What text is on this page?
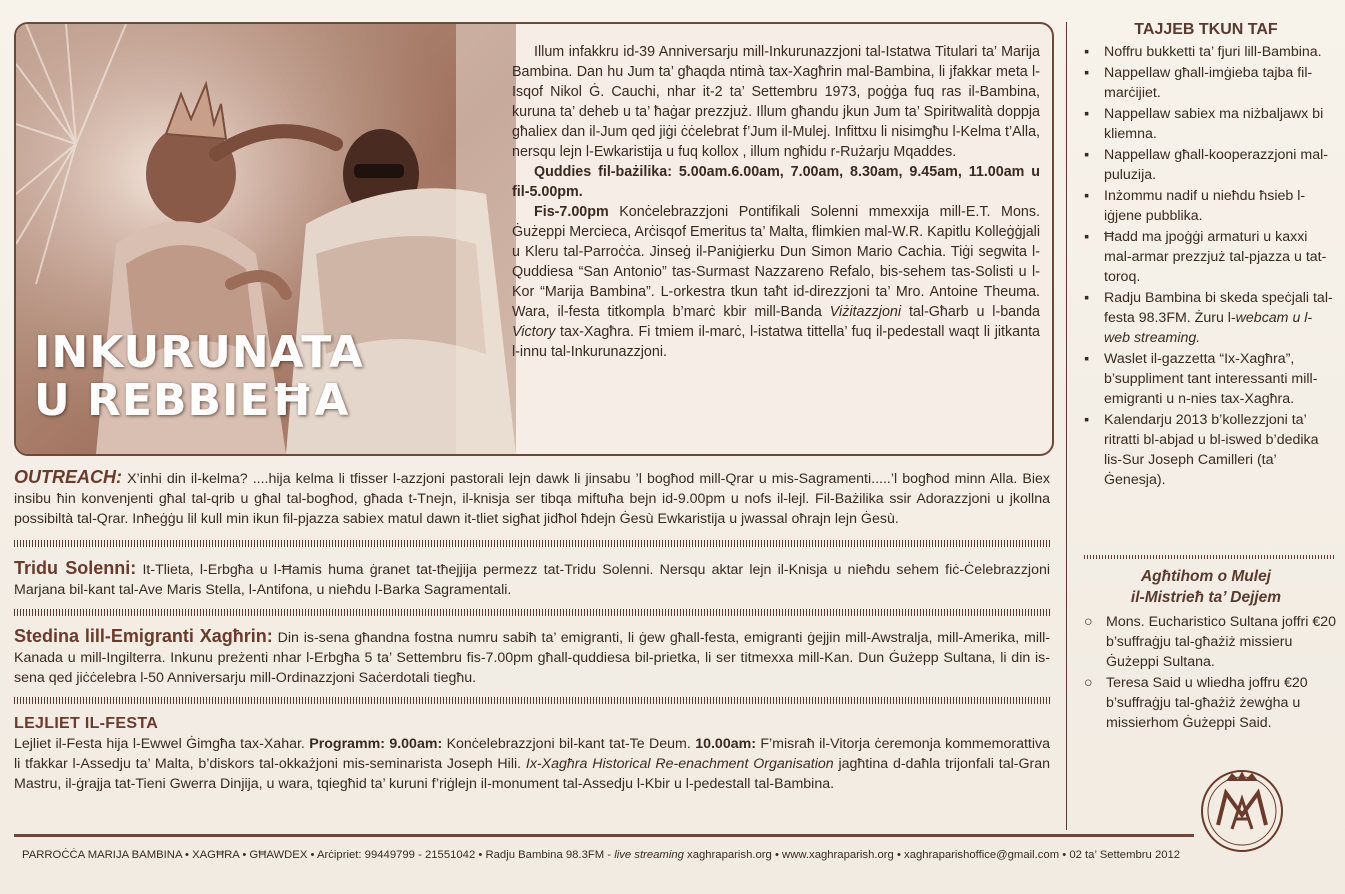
INKURUNATA
U REBBIEĦA

Illum infakkru id-39 Anniversarju mill-Inkurunazzjoni tal-Istatwa Titulari ta’ Marija Bambina. Dan hu Jum ta’ għaqda ntimà tax-Xagħrin mal-Bambina, li jfakkar meta l-Isqof Nikol Ġ. Cauchi, nhar it-2 ta’ Settembru 1973, poġġa fuq ras il-Bambina, kuruna ta’ deheb u ta’ ħaġar prezzjuż. Illum għandu jkun Jum ta’ Spiritwalità doppja għaliex dan il-Jum qed jiġi ċċelebrat f’Jum il-Mulej. Infittxu li nisimgħu l-Kelma t’Alla, nersqu lejn l-Ewkaristija u fuq kollox , illum ngħidu r-Rużarju Mqaddes.

Quddies fil-bażilika: 5.00am.6.00am, 7.00am, 8.30am, 9.45am, 11.00am u fil-5.00pm.

Fis-7.00pm Konċelebrazzjoni Pontifikali Solenni mmexxija mill-E.T. Mons. Ġużeppi Mercieca, Arċisqof Emeritus ta’ Malta, flimkien mal-W.R. Kapitlu Kolleġġjali u Kleru tal-Parroċċa. Jinseġ il-Paniġierku Dun Simon Mario Cachia. Tiġi segwita l-Quddiesa “San Antonio” tas-Surmast Nazzareno Refalo, bis-sehem tas-Solisti u l-Kor “Marija Bambina”. L-orkestra tkun taħt id-direzzjoni ta’ Mro. Antoine Theuma. Wara, il-festa titkompla b’marċ kbir mill-Banda Viżitazzjoni tal-Għarb u l-banda Victory tax-Xagħra. Fi tmiem il-marċ, l-istatwa tittella’ fuq il-pedestall waqt li jitkanta l-innu tal-Inkurunazzjoni.

OUTREACH: X’inhi din il-kelma? ....hija kelma li tfisser l-azzjoni pastorali lejn dawk li jinsabu ’l bogħod mill-Qrar u mis-Sagramenti.....’l bogħod minn Alla. Biex insibu ħin konvenjenti għal tal-qrib u għal tal-bogħod, għada t-Tnejn, il-knisja ser tibqa miftuħa bejn id-9.00pm u nofs il-lejl. Fil-Bażilika ssir Adorazzjoni u jkollna possibiltà tal-Qrar. Inħeġġu lil kull min ikun fil-pjazza sabiex matul dawn it-tliet sigħat jidħol ħdejn Ġesù Ewkaristija u jwassal oħrajn lejn Ġesù.
Tridu Solenni: It-Tlieta, l-Erbgħa u l-Ħamis huma ġranet tat-tħejjija permezz tat-Tridu Solenni. Nersqu aktar lejn il-Knisja u nieħdu sehem fiċ-Ċelebrazzjoni Marjana bil-kant tal-Ave Maris Stella, l-Antifona, u nieħdu l-Barka Sagramentali.
Stedina lill-Emigranti Xagħrin: Din is-sena għandna fostna numru sabiħ ta’ emigranti, li ġew għall-festa, emigranti ġejjin mill-Awstralja, mill-Amerika, mill-Kanada u mill-Ingilterra. Inkunu preżenti nhar l-Erbgħa 5 ta’ Settembru fis-7.00pm għall-quddiesa bil-prietka, li ser titmexxa mill-Kan. Dun Ġużepp Sultana, li din is-sena qed jiċċelebra l-50 Anniversarju mill-Ordinazzjoni Saċerdotali tiegħu.
LEJLIET IL-FESTA
Lejliet il-Festa hija l-Ewwel Ġimgħa tax-Xahar. Programm: 9.00am: Konċelebrazzjoni bil-kant tat-Te Deum. 10.00am: F’misraħ il-Vitorja ċeremonja kommemorattiva li tfakkar l-Assedju ta’ Malta, b’diskors tal-okkażjoni mis-seminarista Joseph Hili. Ix-Xagħra Historical Re-enachment Organisation jagħtina d-daħla trijonfali tal-Gran Mastru, il-ġrajja tat-Tieni Gwerra Dinjija, u wara, tqiegħid ta’ kuruni f’riġlejn il-monument tal-Assedju l-Kbir u l-pedestall tal-Bambina.
TAJJEB TKUN TAF
▪ Noffru bukketti ta’ fjuri lill-Bambina.
▪ Nappellaw għall-imġieba tajba fil-marċijiet.
▪ Nappellaw sabiex ma niżbaljawx bi kliemna.
▪ Nappellaw għall-kooperazzjoni mal-puluzija.
▪ Inżommu nadif u nieħdu ħsieb l-iġjene pubblika.
▪ Ħadd ma jpoġġi armaturi u kaxxi mal-armar prezzjuż tal-pjazza u tat-toroq.
▪ Radju Bambina bi skeda speċjali tal-festa 98.3FM. Żuru l-webcam u l-web streaming.
▪ Waslet il-gazzetta “Ix-Xagħra”, b’suppliment tant interessanti mill-emigranti u n-nies tax-Xagħra.
▪ Kalendarju 2013 b’kollezzjoni ta’ ritratti bl-abjad u bl-iswed b’dedika lis-Sur Joseph Camilleri (ta’ Ġenesja).
Agħtihom o Mulej
il-Mistrieħ ta’ Dejjem
○ Mons. Eucharistico Sultana joffri €20 b’suffraġju tal-għażiż missieru Ġużeppi Sultana.
○ Teresa Said u wliedha joffru €20 b’suffraġju tal-għażiż żewġha u missierhom Ġużeppi Said.
PARROĊĊA MARIJA BAMBINA • XAGĦRA • GĦAWDEX • Arċipriet: 99449799 - 21551042 • Radju Bambina 98.3FM - live streaming xaghraparish.org • www.xaghraparish.org • xaghraparishoffice@gmail.com • 02 ta’ Settembru 2012
